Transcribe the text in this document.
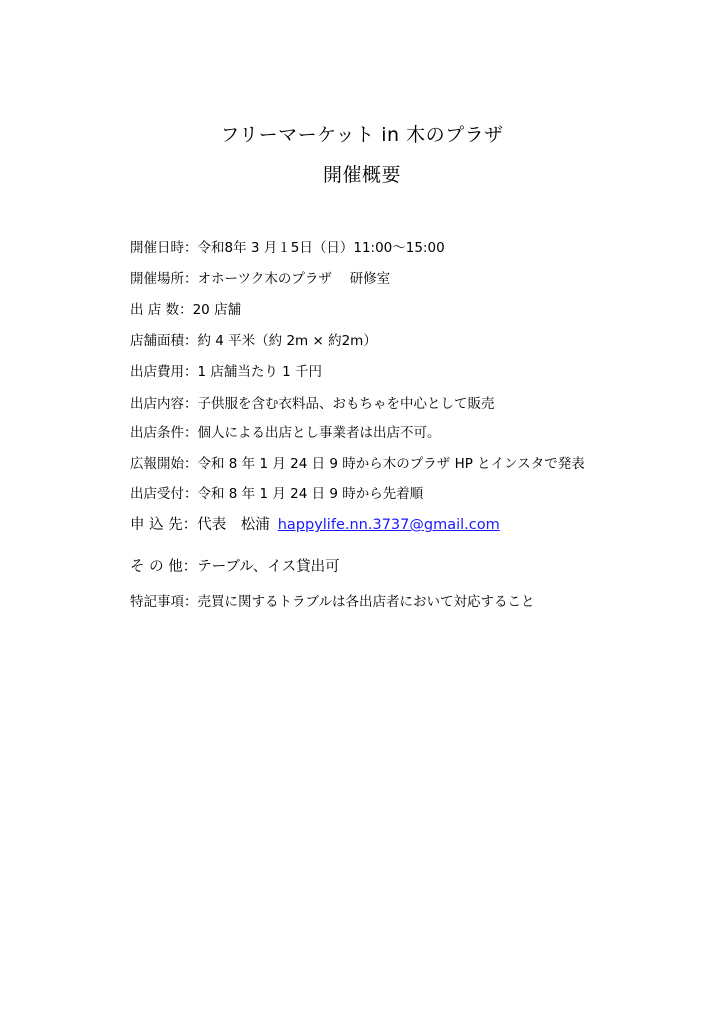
フリーマーケット in 木のプラザ
開催概要
開催日時：令和8年 3 月１5日（日）11:00〜15:00
開催場所：オホーツク木のプラザ　 研修室
出 店 数：20 店舗
店舗面積：約 4 平米（約 2m × 約2m）
出店費用：1 店舗当たり 1 千円
出店内容：子供服を含む衣料品、おもちゃを中心として販売
出店条件：個人による出店とし事業者は出店不可。
広報開始：令和 8 年 1 月 24 日 9 時から木のプラザ HP とインスタで発表
出店受付：令和 8 年 1 月 24 日 9 時から先着順
申 込 先：代表　松浦 happylife.nn.3737@gmail.com
そ の 他：テーブル、イス貸出可
特記事項：売買に関するトラブルは各出店者において対応すること
